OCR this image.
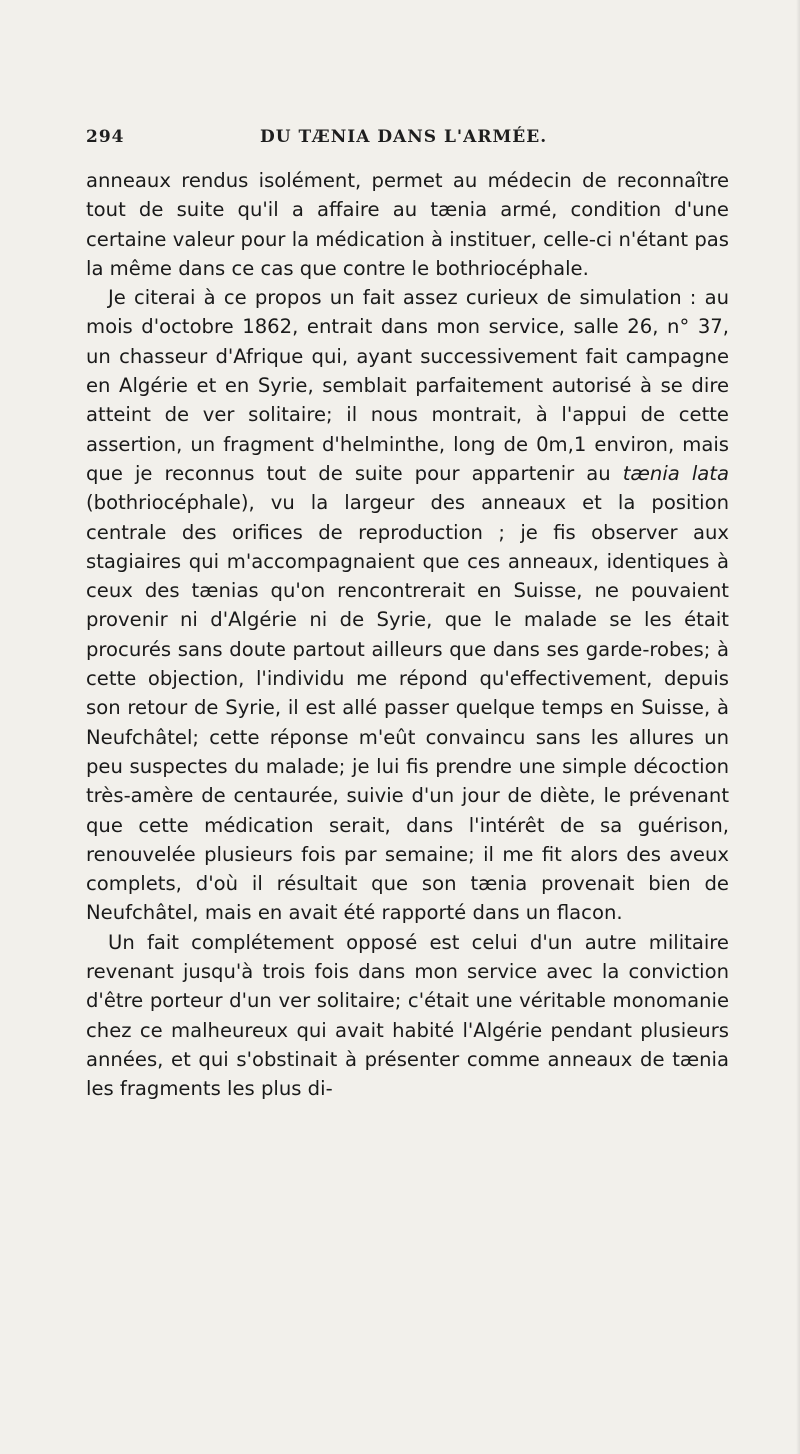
294	DU TÆNIA DANS L'ARMÉE.

anneaux rendus isolément, permet au médecin de reconnaître tout de suite qu'il a affaire au tænia armé, condition d'une certaine valeur pour la médication à instituer, celle-ci n'étant pas la même dans ce cas que contre le bothriocéphale.

Je citerai à ce propos un fait assez curieux de simulation : au mois d'octobre 1862, entrait dans mon service, salle 26, n° 37, un chasseur d'Afrique qui, ayant successivement fait campagne en Algérie et en Syrie, semblait parfaitement autorisé à se dire atteint de ver solitaire; il nous montrait, à l'appui de cette assertion, un fragment d'helminthe, long de 0m,1 environ, mais que je reconnus tout de suite pour appartenir au tænia lata (bothriocéphale), vu la largeur des anneaux et la position centrale des orifices de reproduction ; je fis observer aux stagiaires qui m'accompagnaient que ces anneaux, identiques à ceux des tænias qu'on rencontrerait en Suisse, ne pouvaient provenir ni d'Algérie ni de Syrie, que le malade se les était procurés sans doute partout ailleurs que dans ses garde-robes; à cette objection, l'individu me répond qu'effectivement, depuis son retour de Syrie, il est allé passer quelque temps en Suisse, à Neufchâtel; cette réponse m'eût convaincu sans les allures un peu suspectes du malade; je lui fis prendre une simple décoction très-amère de centaurée, suivie d'un jour de diète, le prévenant que cette médication serait, dans l'intérêt de sa guérison, renouvelée plusieurs fois par semaine; il me fit alors des aveux complets, d'où il résultait que son tænia provenait bien de Neufchâtel, mais en avait été rapporté dans un flacon.

Un fait complétement opposé est celui d'un autre militaire revenant jusqu'à trois fois dans mon service avec la conviction d'être porteur d'un ver solitaire; c'était une véritable monomanie chez ce malheureux qui avait habité l'Algérie pendant plusieurs années, et qui s'obstinait à présenter comme anneaux de tænia les fragments les plus di-
